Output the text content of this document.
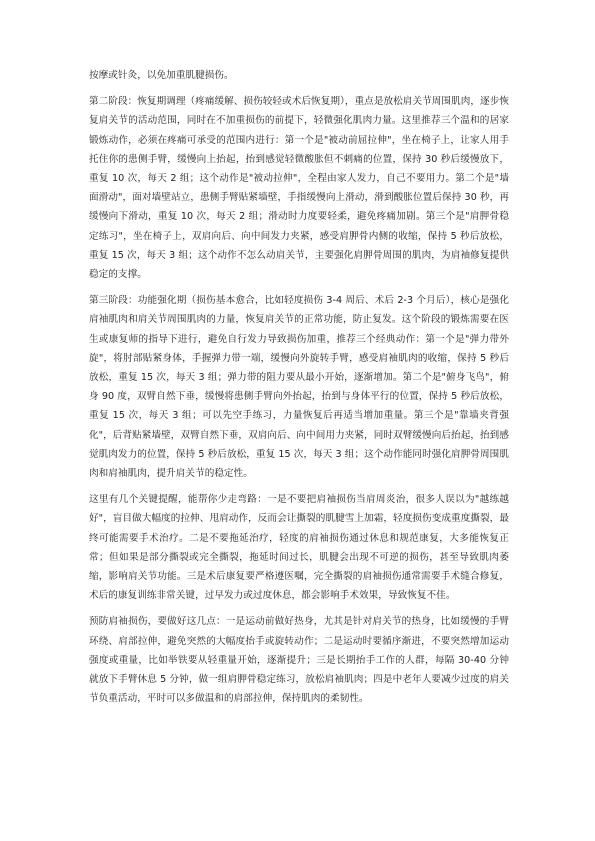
按摩或针灸，以免加重肌腱损伤。

第二阶段：恢复期调理（疼痛缓解、损伤较轻或术后恢复期），重点是放松肩关节周围肌肉，逐步恢复肩关节的活动范围，同时在不加重损伤的前提下，轻微强化肌肉力量。这里推荐三个温和的居家锻炼动作，必须在疼痛可承受的范围内进行：第一个是"被动前屈拉伸"，坐在椅子上，让家人用手托住你的患侧手臂，缓慢向上抬起，抬到感觉轻微酸胀但不刺痛的位置，保持 30 秒后缓慢放下，重复 10 次，每天 2 组；这个动作是"被动拉伸"，全程由家人发力，自己不要用力。第二个是"墙面滑动"，面对墙壁站立，患侧手臂贴紧墙壁，手指缓慢向上滑动，滑到酸胀位置后保持 30 秒，再缓慢向下滑动，重复 10 次，每天 2 组；滑动时力度要轻柔，避免疼痛加剧。第三个是"肩胛骨稳定练习"，坐在椅子上，双肩向后、向中间发力夹紧，感受肩胛骨内侧的收缩，保持 5 秒后放松，重复 15 次，每天 3 组；这个动作不怎么动肩关节，主要强化肩胛骨周围的肌肉，为肩袖修复提供稳定的支撑。

第三阶段：功能强化期（损伤基本愈合，比如轻度损伤 3-4 周后、术后 2-3 个月后），核心是强化肩袖肌肉和肩关节周围肌肉的力量，恢复肩关节的正常功能，防止复发。这个阶段的锻炼需要在医生或康复师的指导下进行，避免自行发力导致损伤加重，推荐三个经典动作：第一个是"弹力带外旋"，将肘部贴紧身体，手握弹力带一端，缓慢向外旋转手臂，感受肩袖肌肉的收缩，保持 5 秒后放松，重复 15 次，每天 3 组；弹力带的阻力要从最小开始，逐渐增加。第二个是"俯身飞鸟"，俯身 90 度，双臂自然下垂，缓慢将患侧手臂向外抬起，抬到与身体平行的位置，保持 5 秒后放松，重复 15 次，每天 3 组；可以先空手练习，力量恢复后再适当增加重量。第三个是"靠墙夹背强化"，后背贴紧墙壁，双臂自然下垂，双肩向后、向中间用力夹紧，同时双臂缓慢向后抬起，抬到感觉肌肉发力的位置，保持 5 秒后放松，重复 15 次，每天 3 组；这个动作能同时强化肩胛骨周围肌肉和肩袖肌肉，提升肩关节的稳定性。

这里有几个关键提醒，能帮你少走弯路：一是不要把肩袖损伤当肩周炎治，很多人误以为"越练越好"，盲目做大幅度的拉伸、甩肩动作，反而会让撕裂的肌腱雪上加霜，轻度损伤变成重度撕裂，最终可能需要手术治疗。二是不要拖延治疗，轻度的肩袖损伤通过休息和规范康复，大多能恢复正常；但如果是部分撕裂或完全撕裂，拖延时间过长，肌腱会出现不可逆的损伤，甚至导致肌肉萎缩，影响肩关节功能。三是术后康复要严格遵医嘱，完全撕裂的肩袖损伤通常需要手术缝合修复，术后的康复训练非常关键，过早发力或过度休息，都会影响手术效果，导致恢复不佳。

预防肩袖损伤，要做好这几点：一是运动前做好热身，尤其是针对肩关节的热身，比如缓慢的手臂环绕、肩部拉伸，避免突然的大幅度抬手或旋转动作；二是运动时要循序渐进，不要突然增加运动强度或重量，比如举铁要从轻重量开始，逐渐提升；三是长期抬手工作的人群，每隔 30-40 分钟就放下手臂休息 5 分钟，做一组肩胛骨稳定练习，放松肩袖肌肉；四是中老年人要减少过度的肩关节负重活动，平时可以多做温和的肩部拉伸，保持肌肉的柔韧性。
